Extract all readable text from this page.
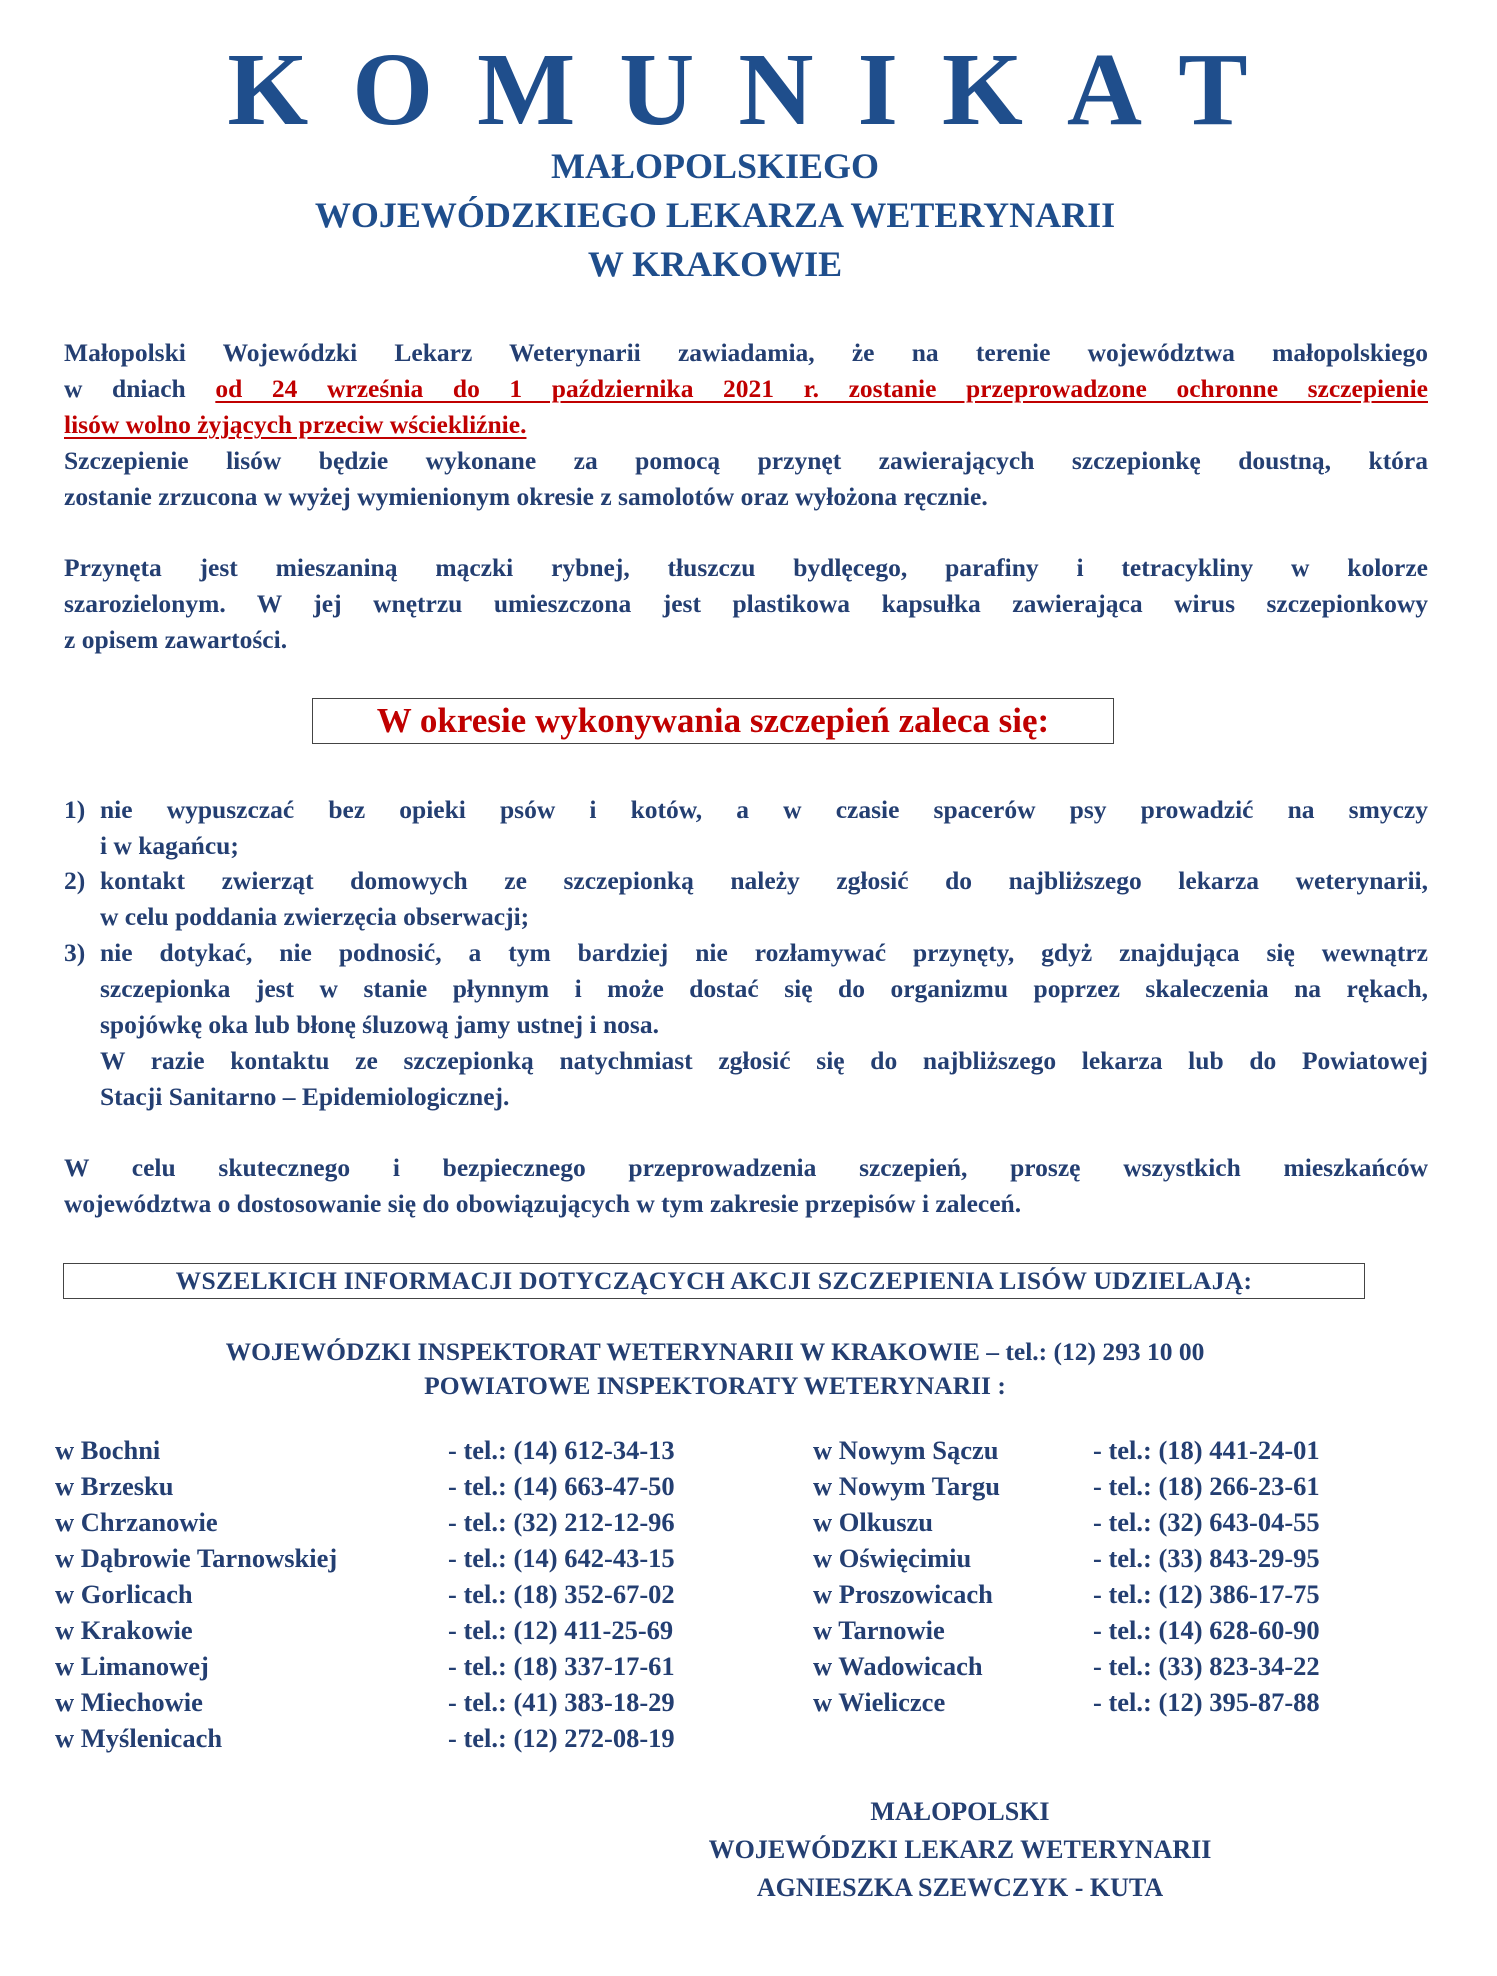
KOMUNIKAT
MAŁOPOLSKIEGO
WOJEWÓDZKIEGO LEKARZA WETERYNARII
W KRAKOWIE
Małopolski Wojewódzki Lekarz Weterynarii zawiadamia, że na terenie województwa małopolskiego
w dniach od 24 września do 1 października 2021 r. zostanie przeprowadzone ochronne szczepienie
lisów wolno żyjących przeciw wściekliźnie.
Szczepienie lisów będzie wykonane za pomocą przynęt zawierających szczepionkę doustną, która
zostanie zrzucona w wyżej wymienionym okresie z samolotów oraz wyłożona ręcznie.
Przynęta jest mieszaniną mączki rybnej, tłuszczu bydlęcego, parafiny i tetracykliny w kolorze
szarozielonym. W jej wnętrzu umieszczona jest plastikowa kapsułka zawierająca wirus szczepionkowy
z opisem zawartości.
W okresie wykonywania szczepień zaleca się:
1) nie wypuszczać bez opieki psów i kotów, a w czasie spacerów psy prowadzić na smyczy
i w kagańcu;
2) kontakt zwierząt domowych ze szczepionką należy zgłosić do najbliższego lekarza weterynarii,
w celu poddania zwierzęcia obserwacji;
3) nie dotykać, nie podnosić, a tym bardziej nie rozłamywać przynęty, gdyż znajdująca się wewnątrz
szczepionka jest w stanie płynnym i może dostać się do organizmu poprzez skaleczenia na rękach,
spojówkę oka lub błonę śluzową jamy ustnej i nosa.
W razie kontaktu ze szczepionką natychmiast zgłosić się do najbliższego lekarza lub do Powiatowej
Stacji Sanitarno – Epidemiologicznej.
W celu skutecznego i bezpiecznego przeprowadzenia szczepień, proszę wszystkich mieszkańców
województwa o dostosowanie się do obowiązujących w tym zakresie przepisów i zaleceń.
WSZELKICH INFORMACJI DOTYCZĄCYCH AKCJI SZCZEPIENIA LISÓW UDZIELAJĄ:
WOJEWÓDZKI INSPEKTORAT WETERYNARII W KRAKOWIE – tel.: (12) 293 10 00
POWIATOWE INSPEKTORATY WETERYNARII :
w Bochni	- tel.: (14) 612-34-13
w Brzesku	- tel.: (14) 663-47-50
w Chrzanowie	- tel.: (32) 212-12-96
w Dąbrowie Tarnowskiej	- tel.: (14) 642-43-15
w Gorlicach	- tel.: (18) 352-67-02
w Krakowie	- tel.: (12) 411-25-69
w Limanowej	- tel.: (18) 337-17-61
w Miechowie	- tel.: (41) 383-18-29
w Myślenicach	- tel.: (12) 272-08-19
w Nowym Sączu	- tel.: (18) 441-24-01
w Nowym Targu	- tel.: (18) 266-23-61
w Olkuszu	- tel.: (32) 643-04-55
w Oświęcimiu	- tel.: (33) 843-29-95
w Proszowicach	- tel.: (12) 386-17-75
w Tarnowie	- tel.: (14) 628-60-90
w Wadowicach	- tel.: (33) 823-34-22
w Wieliczce	- tel.: (12) 395-87-88
MAŁOPOLSKI
WOJEWÓDZKI LEKARZ WETERYNARII
AGNIESZKA SZEWCZYK - KUTA
